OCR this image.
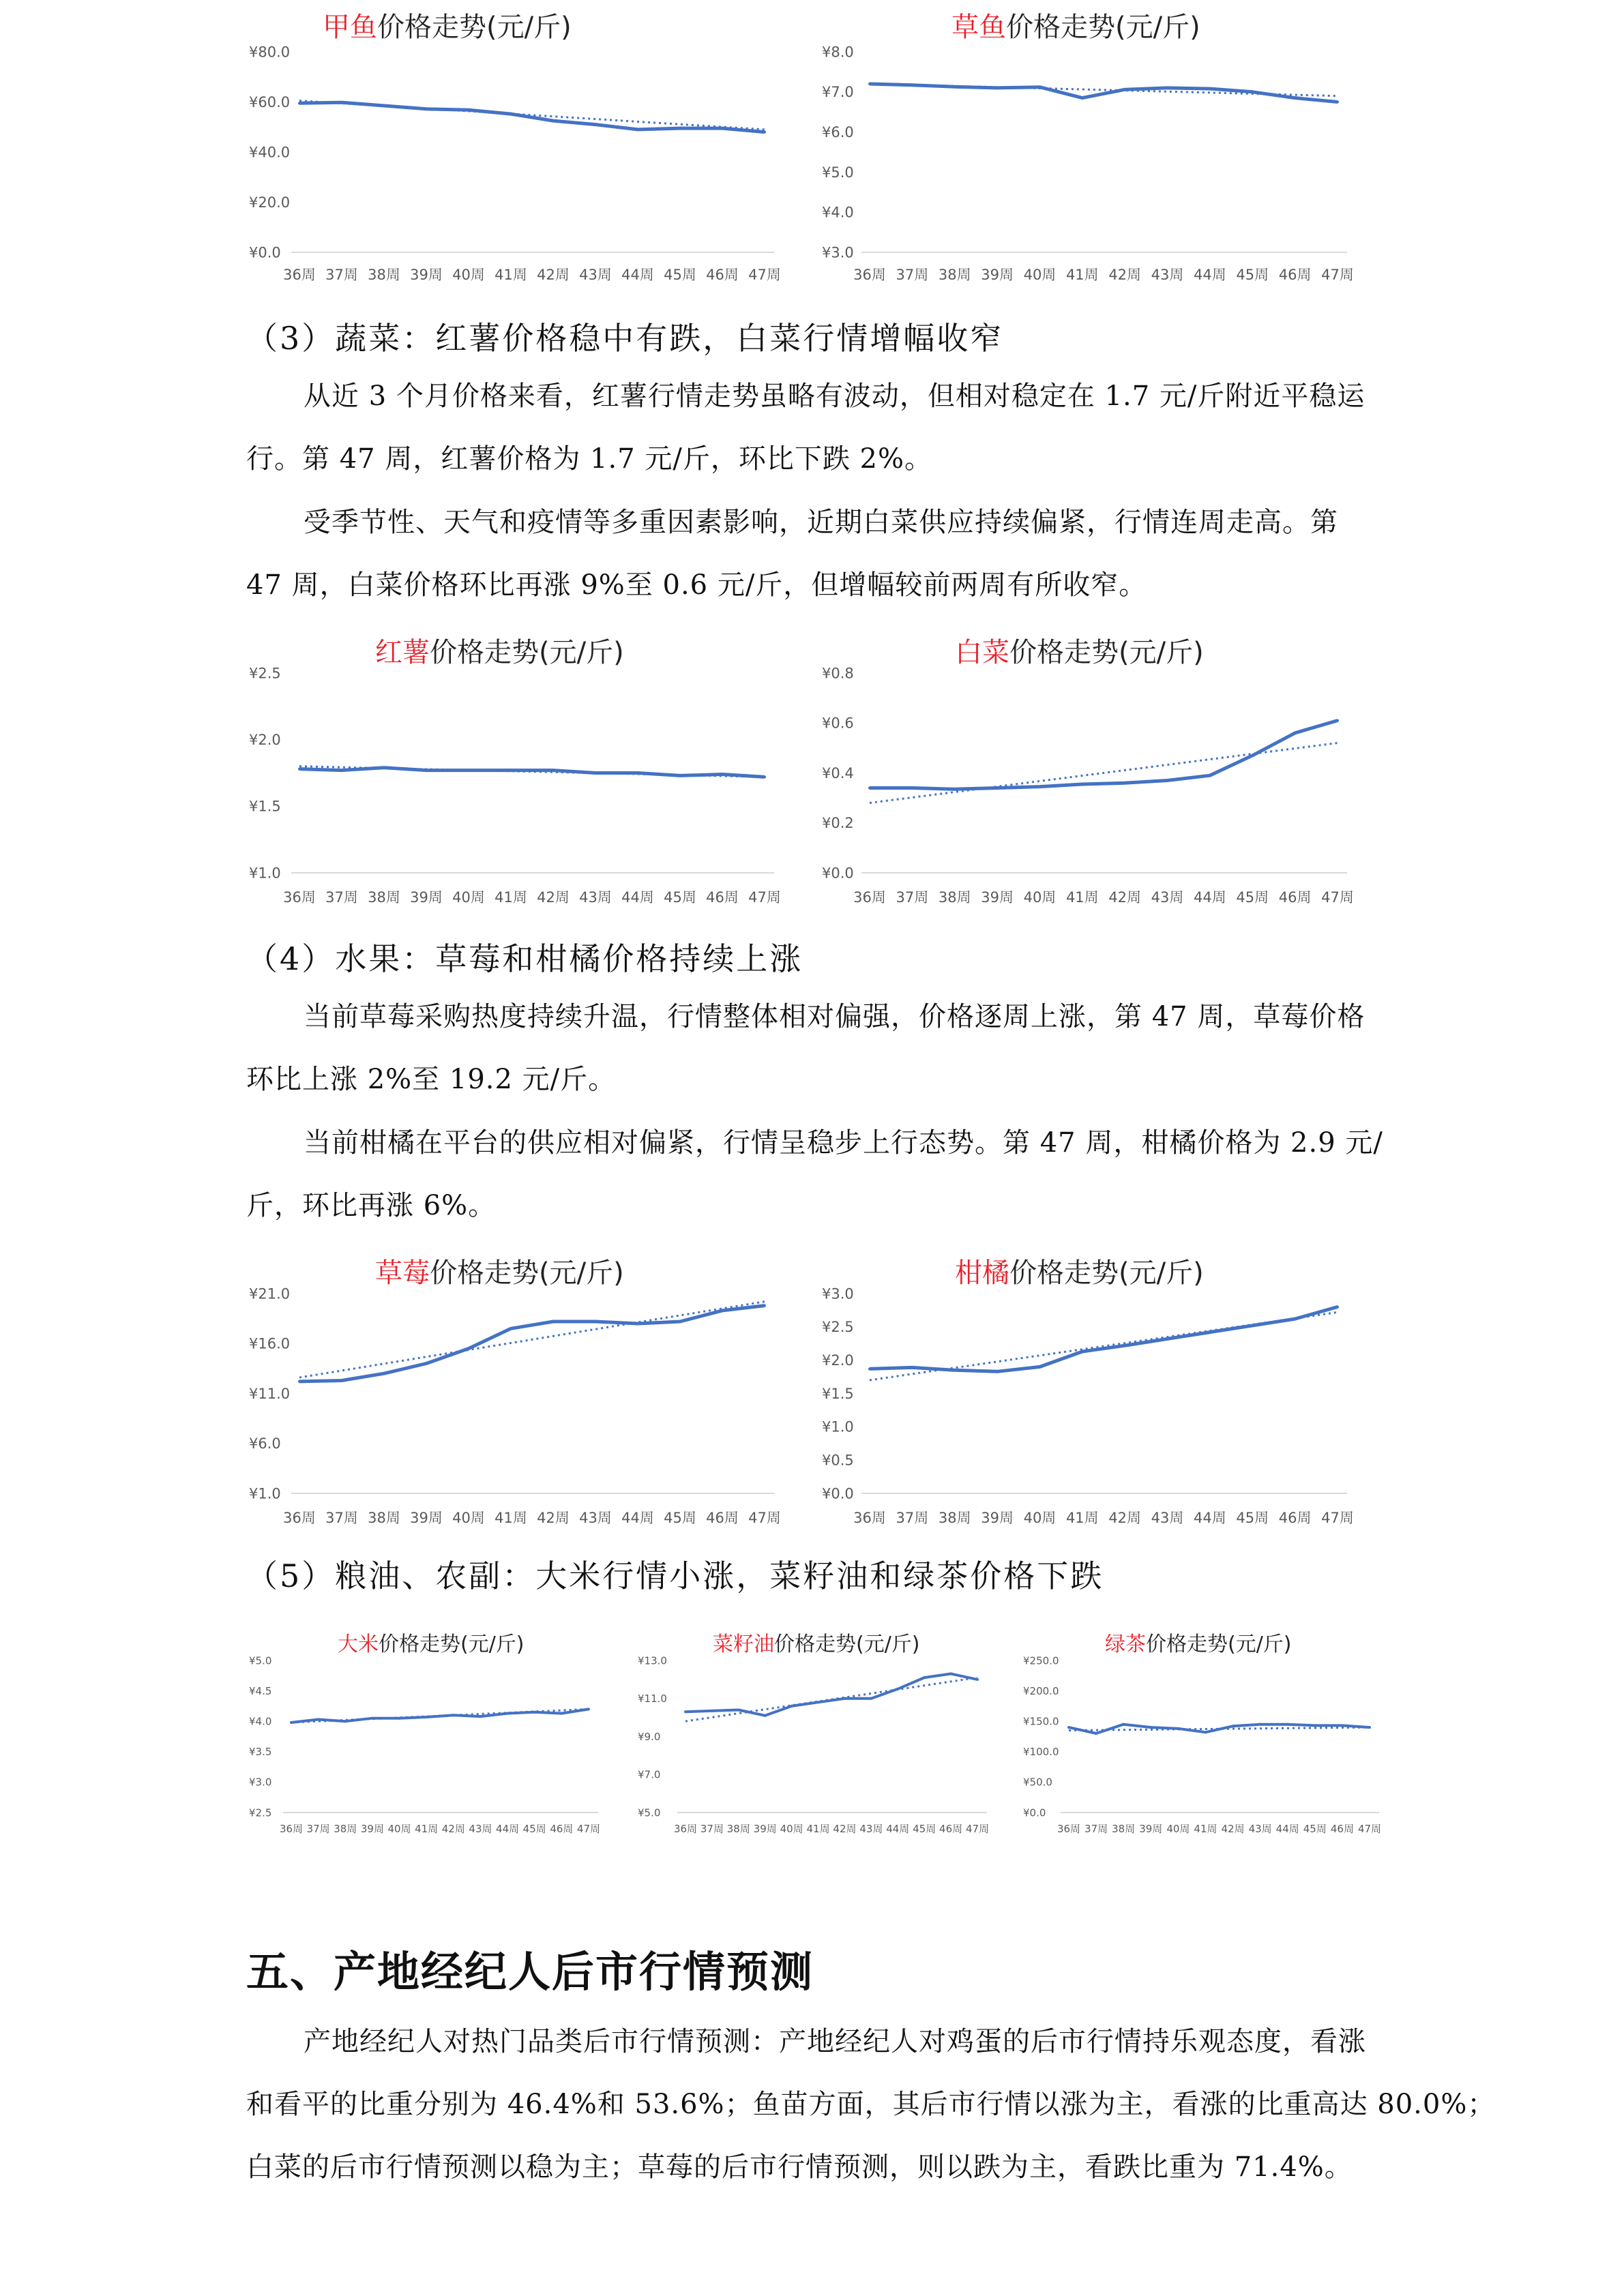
甲鱼价格走势(元/斤)
¥80.0
¥60.0
¥40.0
¥20.0
¥0.0
36周 37周 38周 39周 40周 41周 42周 43周 44周 45周 46周 47周
草鱼价格走势(元/斤)
¥8.0
¥7.0
¥6.0
¥5.0
¥4.0
¥3.0
36周 37周 38周 39周 40周 41周 42周 43周 44周 45周 46周 47周
红薯价格走势(元/斤)
¥2.5
¥2.0
¥1.5
¥1.0
36周 37周 38周 39周 40周 41周 42周 43周 44周 45周 46周 47周
白菜价格走势(元/斤)
¥0.8
¥0.6
¥0.4
¥0.2
¥0.0
36周 37周 38周 39周 40周 41周 42周 43周 44周 45周 46周 47周
草莓价格走势(元/斤)
¥21.0
¥16.0
¥11.0
¥6.0
¥1.0
36周 37周 38周 39周 40周 41周 42周 43周 44周 45周 46周 47周
柑橘价格走势(元/斤)
¥3.0
¥2.5
¥2.0
¥1.5
¥1.0
¥0.5
¥0.0
36周 37周 38周 39周 40周 41周 42周 43周 44周 45周 46周 47周
大米价格走势(元/斤)
¥5.0
¥4.5
¥4.0
¥3.5
¥3.0
¥2.5
36周 37周 38周 39周 40周 41周 42周 43周 44周 45周 46周 47周
菜籽油价格走势(元/斤)
¥13.0
¥11.0
¥9.0
¥7.0
¥5.0
36周 37周 38周 39周 40周 41周 42周 43周 44周 45周 46周 47周
绿茶价格走势(元/斤)
¥250.0
¥200.0
¥150.0
¥100.0
¥50.0
¥0.0
36周 37周 38周 39周 40周 41周 42周 43周 44周 45周 46周 47周
（3）蔬菜：红薯价格稳中有跌，白菜行情增幅收窄
从近 3 个月价格来看，红薯行情走势虽略有波动，但相对稳定在 1.7 元/斤附近平稳运
行。第 47 周，红薯价格为 1.7 元/斤，环比下跌 2%。
受季节性、天气和疫情等多重因素影响，近期白菜供应持续偏紧，行情连周走高。第
47 周，白菜价格环比再涨 9%至 0.6 元/斤，但增幅较前两周有所收窄。
（4）水果：草莓和柑橘价格持续上涨
当前草莓采购热度持续升温，行情整体相对偏强，价格逐周上涨，第 47 周，草莓价格
环比上涨 2%至 19.2 元/斤。
当前柑橘在平台的供应相对偏紧，行情呈稳步上行态势。第 47 周，柑橘价格为 2.9 元/
斤，环比再涨 6%。
（5）粮油、农副：大米行情小涨，菜籽油和绿茶价格下跌
五、产地经纪人后市行情预测
产地经纪人对热门品类后市行情预测：产地经纪人对鸡蛋的后市行情持乐观态度，看涨
和看平的比重分别为 46.4%和 53.6%；鱼苗方面，其后市行情以涨为主，看涨的比重高达 80.0%；
白菜的后市行情预测以稳为主；草莓的后市行情预测，则以跌为主，看跌比重为 71.4%。
